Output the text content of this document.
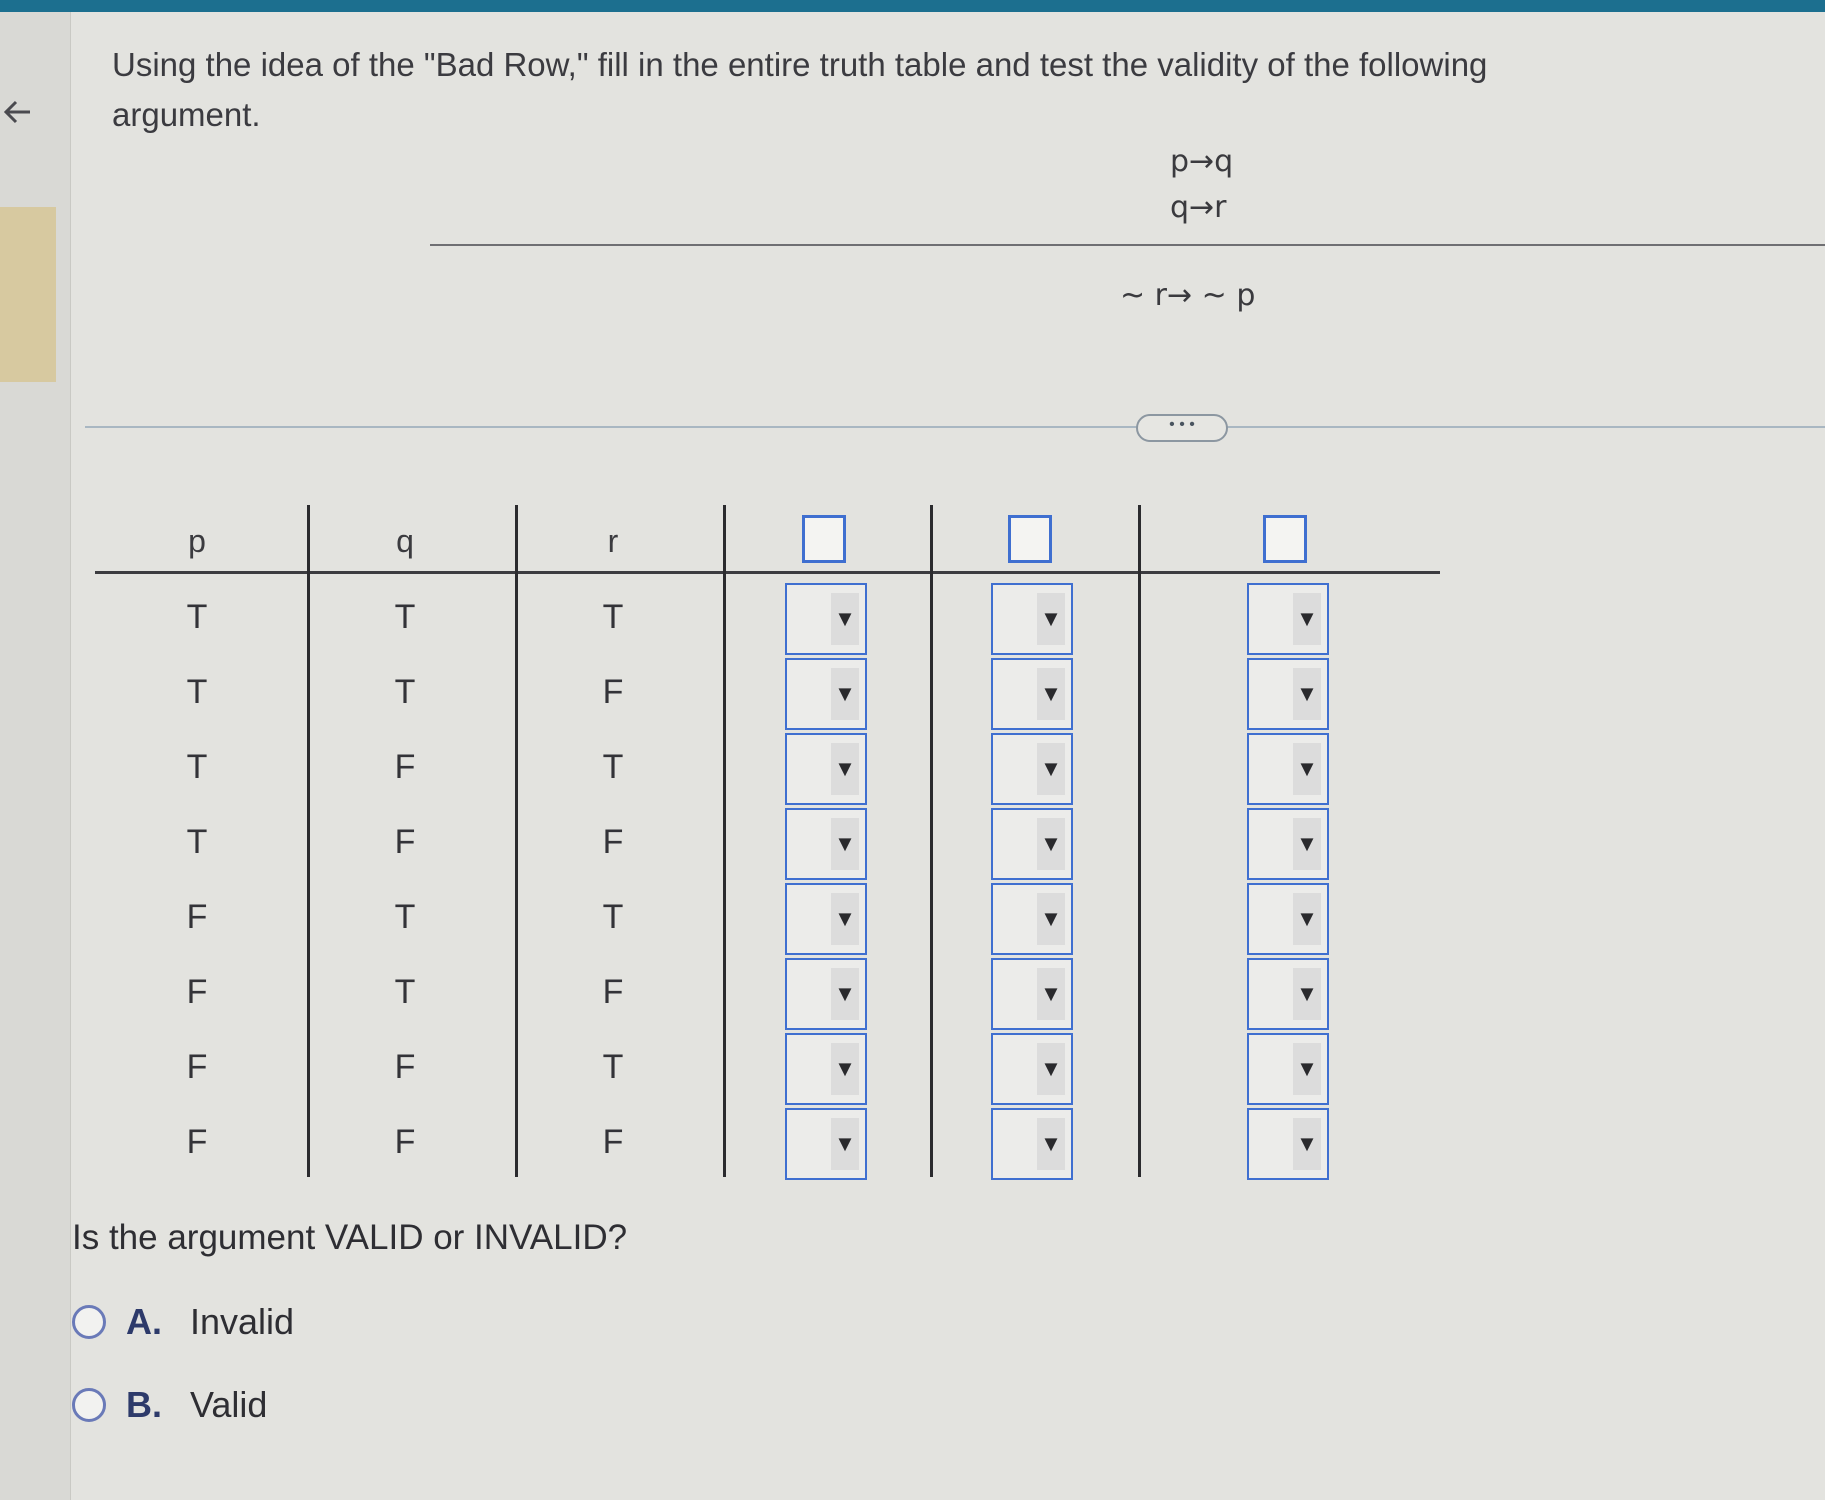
Using the idea of the "Bad Row," fill in the entire truth table and test the validity of the following
argument.
p→q
q→r
~ r→ ~ p
• • •
p	q	r
T	T	T	▼	▼	▼
T	T	F	▼	▼	▼
T	F	T	▼	▼	▼
T	F	F	▼	▼	▼
F	T	T	▼	▼	▼
F	T	F	▼	▼	▼
F	F	T	▼	▼	▼
F	F	F	▼	▼	▼
Is the argument VALID or INVALID?
A. Invalid
B. Valid
